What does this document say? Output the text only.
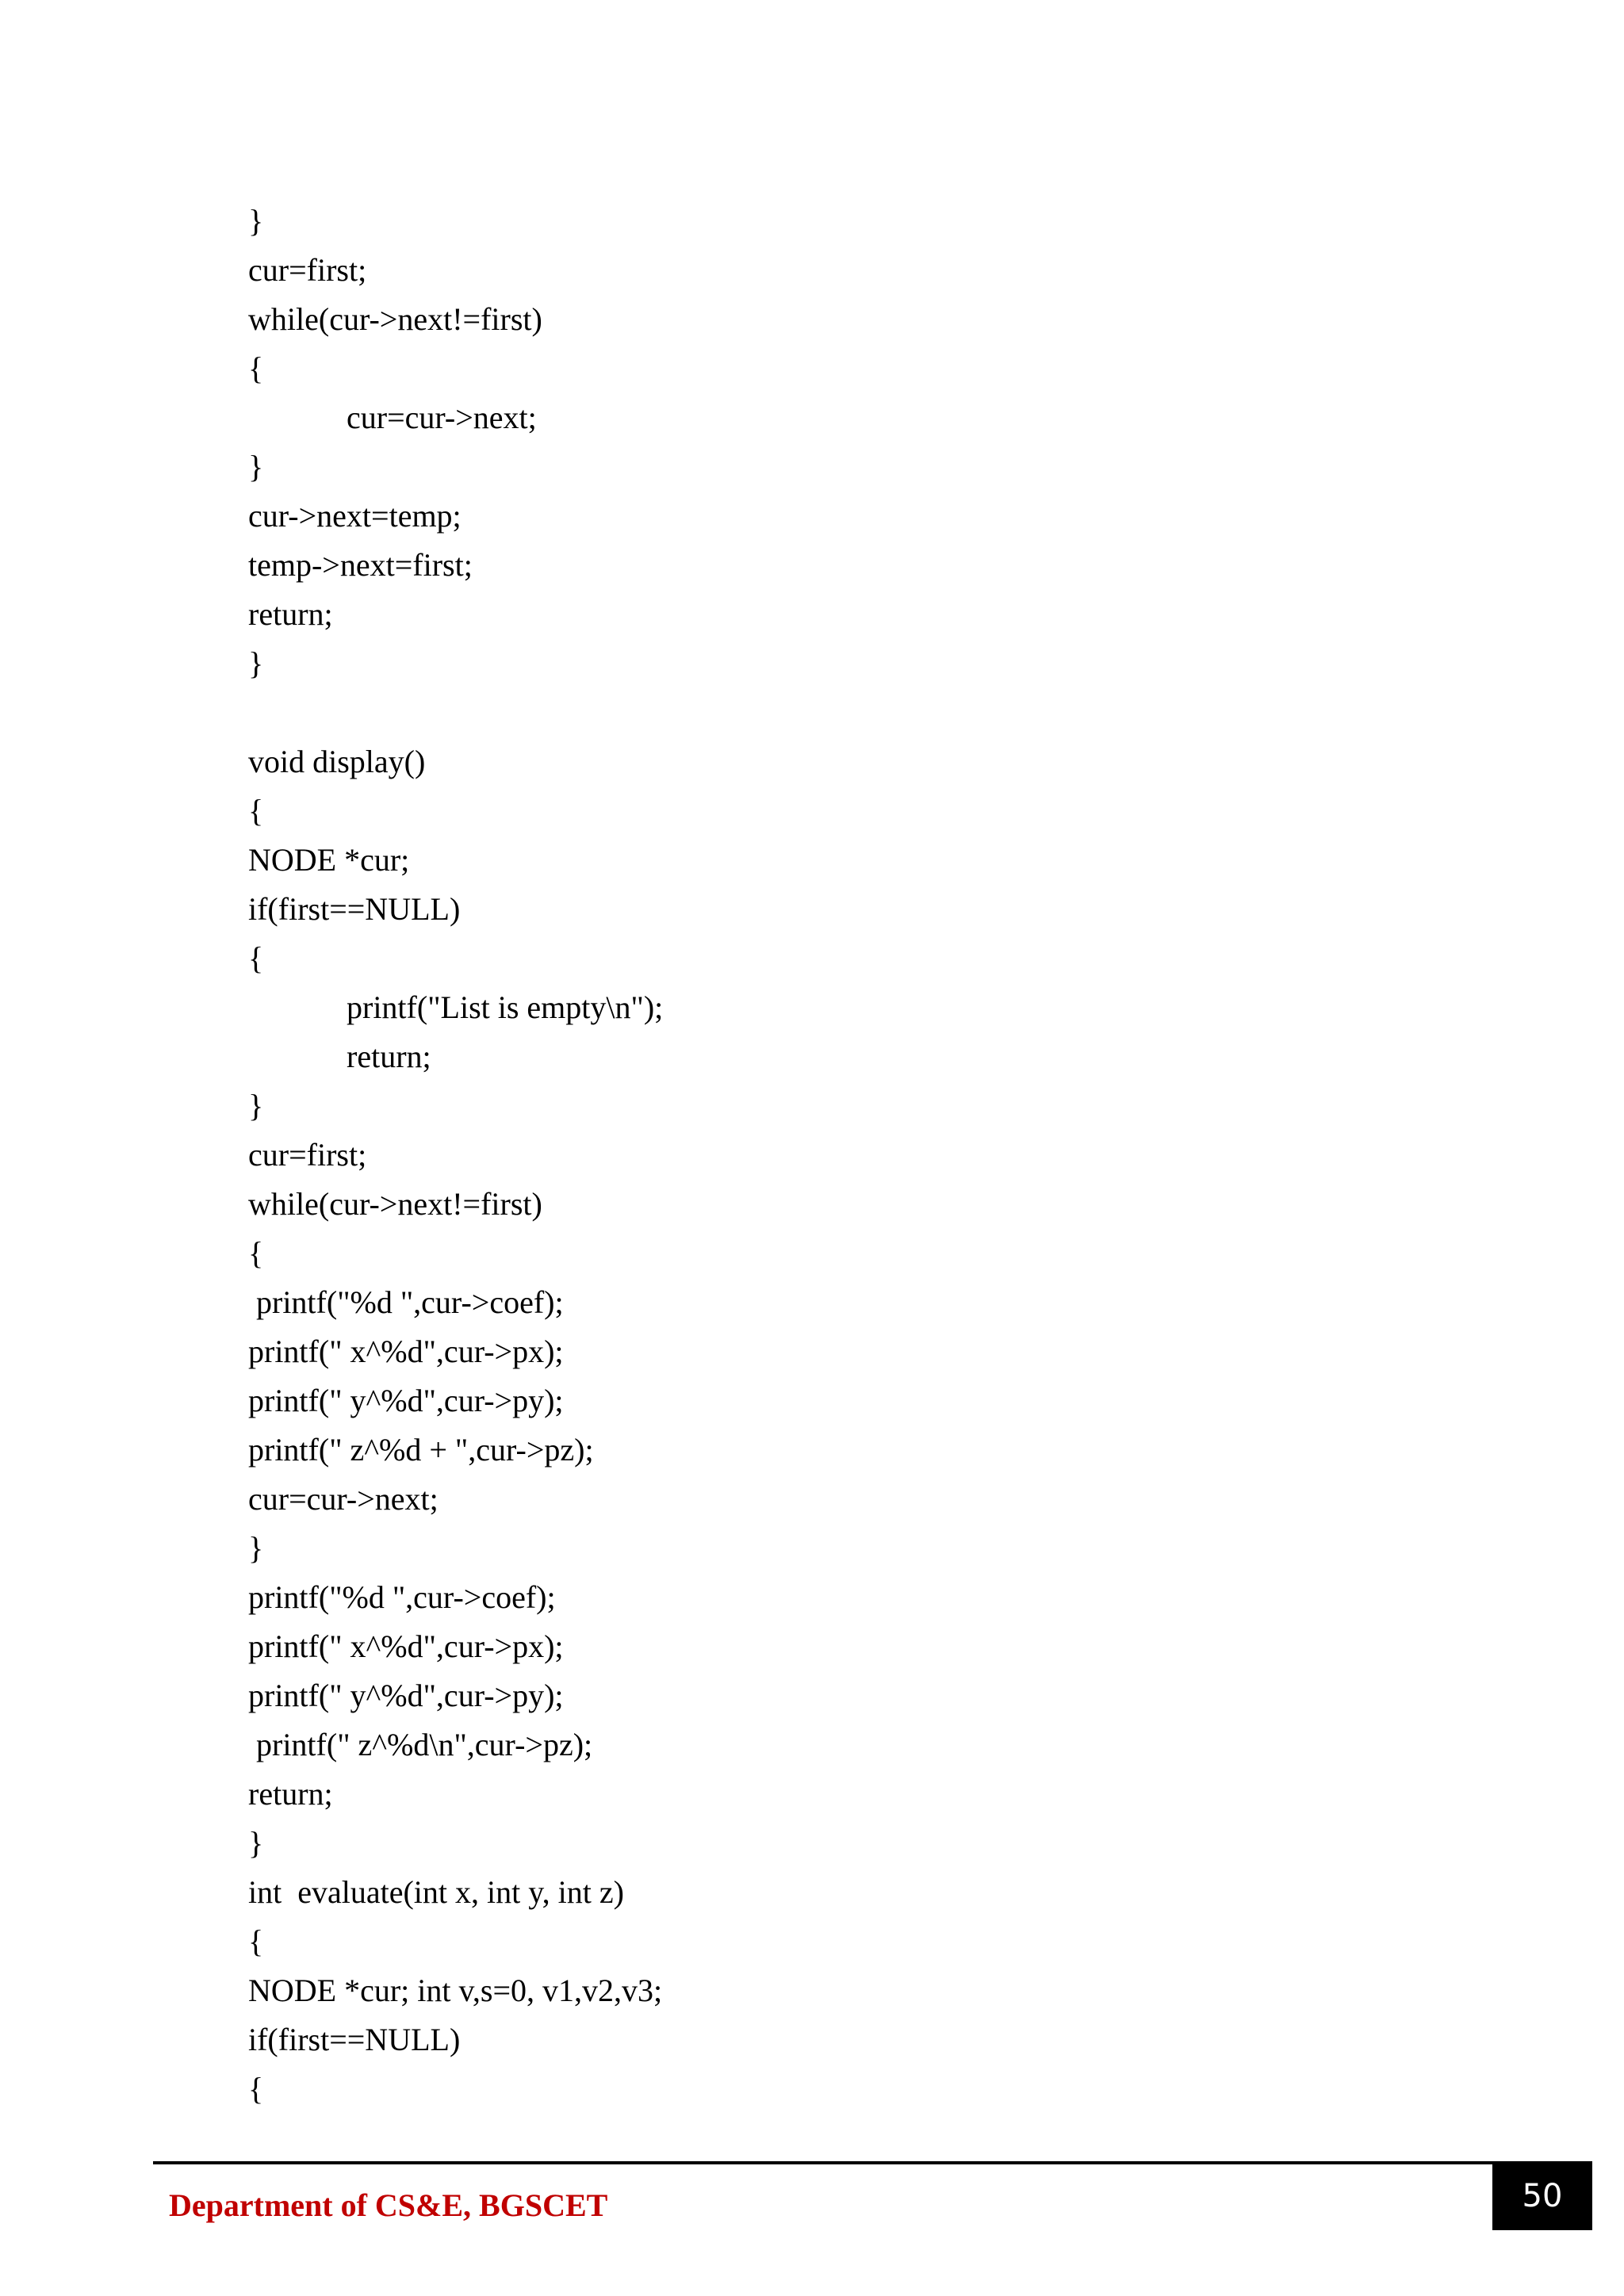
}
cur=first;
while(cur->next!=first)
{
cur=cur->next;
}
cur->next=temp;
temp->next=first;
return;
}
void display()
{
NODE *cur;
if(first==NULL)
{
printf("List is empty\n");
return;
}
cur=first;
while(cur->next!=first)
{
printf("%d ",cur->coef);
printf(" x^%d",cur->px);
printf(" y^%d",cur->py);
printf(" z^%d + ",cur->pz);
cur=cur->next;
}
printf("%d ",cur->coef);
printf(" x^%d",cur->px);
printf(" y^%d",cur->py);
printf(" z^%d\n",cur->pz);
return;
}
int  evaluate(int x, int y, int z)
{
NODE *cur; int v,s=0, v1,v2,v3;
if(first==NULL)
{
Department of CS&E, BGSCET	50
